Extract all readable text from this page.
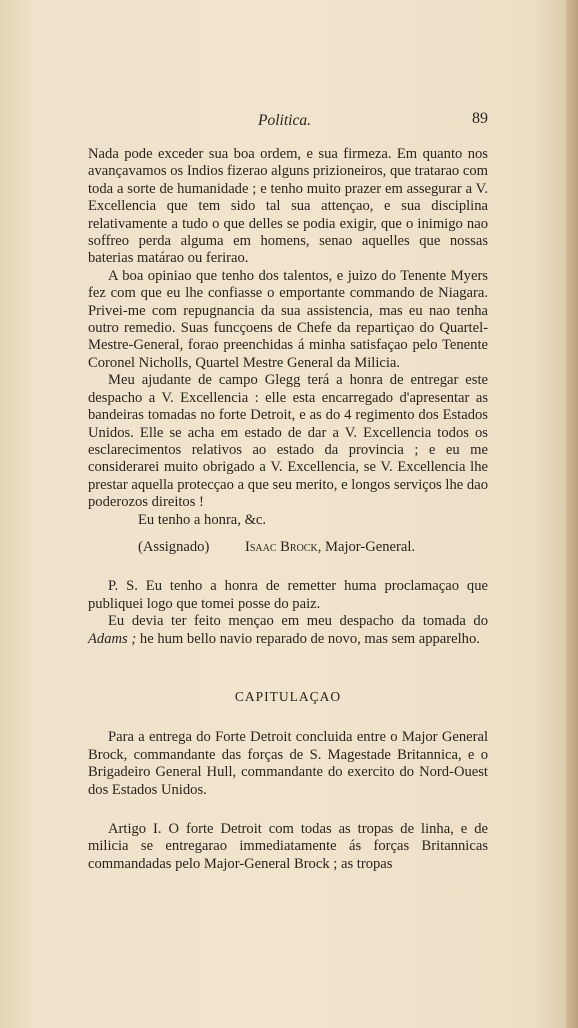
Politica.	89

Nada pode exceder sua boa ordem, e sua firmeza. Em quanto nos avançavamos os Indios fizerao alguns prizioneiros, que tratarao com toda a sorte de humanidade ; e tenho muito prazer em assegurar a V. Excellencia que tem sido tal sua attençao, e sua disciplina relativamente a tudo o que delles se podia exigir, que o inimigo nao soffreo perda alguma em homens, senao aquelles que nossas baterias matárao ou ferirao.

A boa opiniao que tenho dos talentos, e juizo do Tenente Myers fez com que eu lhe confiasse o emportante commando de Niagara. Privei-me com repugnancia da sua assistencia, mas eu nao tenha outro remedio. Suas funcçoens de Chefe da repartiçao do Quartel-Mestre-General, forao preenchidas á minha satisfaçao pelo Tenente Coronel Nicholls, Quartel Mestre General da Milicia.

Meu ajudante de campo Glegg terá a honra de entregar este despacho a V. Excellencia : elle esta encarregado d'apresentar as bandeiras tomadas no forte Detroit, e as do 4 regimento dos Estados Unidos. Elle se acha em estado de dar a V. Excellencia todos os esclarecimentos relativos ao estado da provincia ; e eu me considerarei muito obrigado a V. Excellencia, se V. Excellencia lhe prestar aquella protecçao a que seu merito, e longos serviços lhe dao poderozos direitos !

Eu tenho a honra, &c.

(Assignado) Isaac Brock, Major-General.

P. S. Eu tenho a honra de remetter huma proclamaçao que publiquei logo que tomei posse do paiz.

Eu devia ter feito mençao em meu despacho da tomada do Adams ; he hum bello navio reparado de novo, mas sem apparelho.

CAPITULAÇAO

Para a entrega do Forte Detroit concluida entre o Major General Brock, commandante das forças de S. Magestade Britannica, e o Brigadeiro General Hull, commandante do exercito do Nord-Ouest dos Estados Unidos.

Artigo I. O forte Detroit com todas as tropas de linha, e de milicia se entregarao immediatamente ás forças Britannicas commandadas pelo Major-General Brock ; as tropas
